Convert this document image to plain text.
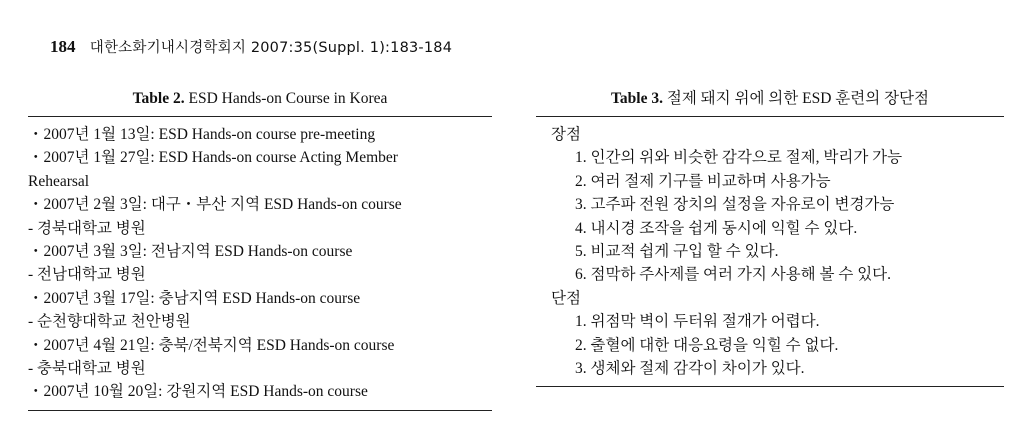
184 대한소화기내시경학회지 2007:35(Suppl. 1):183-184
Table 2. ESD Hands-on Course in Korea
・2007년 1월 13일: ESD Hands-on course pre-meeting
・2007년 1월 27일: ESD Hands-on course Acting Member
Rehearsal
・2007년 2월 3일: 대구・부산 지역 ESD Hands-on course
- 경북대학교 병원
・2007년 3월 3일: 전남지역 ESD Hands-on course
- 전남대학교 병원
・2007년 3월 17일: 충남지역 ESD Hands-on course
- 순천향대학교 천안병원
・2007년 4월 21일: 충북/전북지역 ESD Hands-on course
- 충북대학교 병원
・2007년 10월 20일: 강원지역 ESD Hands-on course
Table 3. 절제 돼지 위에 의한 ESD 훈련의 장단점
장점
1. 인간의 위와 비슷한 감각으로 절제, 박리가 가능
2. 여러 절제 기구를 비교하며 사용가능
3. 고주파 전원 장치의 설정을 자유로이 변경가능
4. 내시경 조작을 쉽게 동시에 익힐 수 있다.
5. 비교적 쉽게 구입 할 수 있다.
6. 점막하 주사제를 여러 가지 사용해 볼 수 있다.
단점
1. 위점막 벽이 두터워 절개가 어렵다.
2. 출혈에 대한 대응요령을 익힐 수 없다.
3. 생체와 절제 감각이 차이가 있다.
